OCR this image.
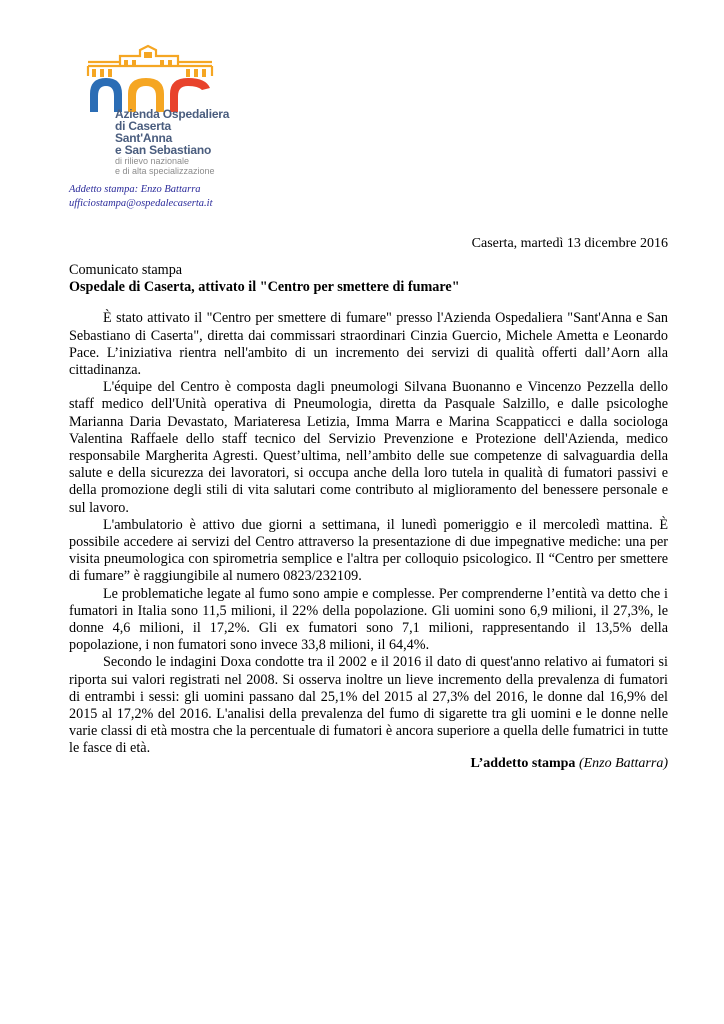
Azienda Ospedaliera
di Caserta
Sant'Anna
e San Sebastiano
di rilievo nazionale
e di alta specializzazione
Addetto stampa: Enzo Battarra
ufficiostampa@ospedalecaserta.it
Caserta, martedì 13 dicembre 2016
Comunicato stampa
Ospedale di Caserta, attivato il "Centro per smettere di fumare"

È stato attivato il "Centro per smettere di fumare" presso l'Azienda Ospedaliera "Sant'Anna e San Sebastiano di Caserta", diretta dai commissari straordinari Cinzia Guercio, Michele Ametta e Leonardo Pace. L’iniziativa rientra nell'ambito di un incremento dei servizi di qualità offerti dall’Aorn alla cittadinanza.

L'équipe del Centro è composta dagli pneumologi Silvana Buonanno e Vincenzo Pezzella dello staff medico dell'Unità operativa di Pneumologia, diretta da Pasquale Salzillo, e dalle psicologhe Marianna Daria Devastato, Mariateresa Letizia, Imma Marra e Marina Scappaticci e dalla sociologa Valentina Raffaele dello staff tecnico del Servizio Prevenzione e Protezione dell'Azienda, medico responsabile Margherita Agresti. Quest’ultima, nell’ambito delle sue competenze di salvaguardia della salute e della sicurezza dei lavoratori, si occupa anche della loro tutela in qualità di fumatori passivi e della promozione degli stili di vita salutari come contributo al miglioramento del benessere personale e sul lavoro.

L'ambulatorio è attivo due giorni a settimana, il lunedì pomeriggio e il mercoledì mattina. È possibile accedere ai servizi del Centro attraverso la presentazione di due impegnative mediche: una per visita pneumologica con spirometria semplice e l'altra per colloquio psicologico. Il “Centro per smettere di fumare” è raggiungibile al numero 0823/232109.

Le problematiche legate al fumo sono ampie e complesse. Per comprenderne l’entità va detto che i fumatori in Italia sono 11,5 milioni, il 22% della popolazione. Gli uomini sono 6,9 milioni, il 27,3%, le donne 4,6 milioni, il 17,2%. Gli ex fumatori sono 7,1 milioni, rappresentando il 13,5% della popolazione, i non fumatori sono invece 33,8 milioni, il 64,4%.

Secondo le indagini Doxa condotte tra il 2002 e il 2016 il dato di quest'anno relativo ai fumatori si riporta sui valori registrati nel 2008. Si osserva inoltre un lieve incremento della prevalenza di fumatori di entrambi i sessi: gli uomini passano dal 25,1% del 2015 al 27,3% del 2016, le donne dal 16,9% del 2015 al 17,2% del 2016. L'analisi della prevalenza del fumo di sigarette tra gli uomini e le donne nelle varie classi di età mostra che la percentuale di fumatori è ancora superiore a quella delle fumatrici in tutte le fasce di età.

L’addetto stampa (Enzo Battarra)
